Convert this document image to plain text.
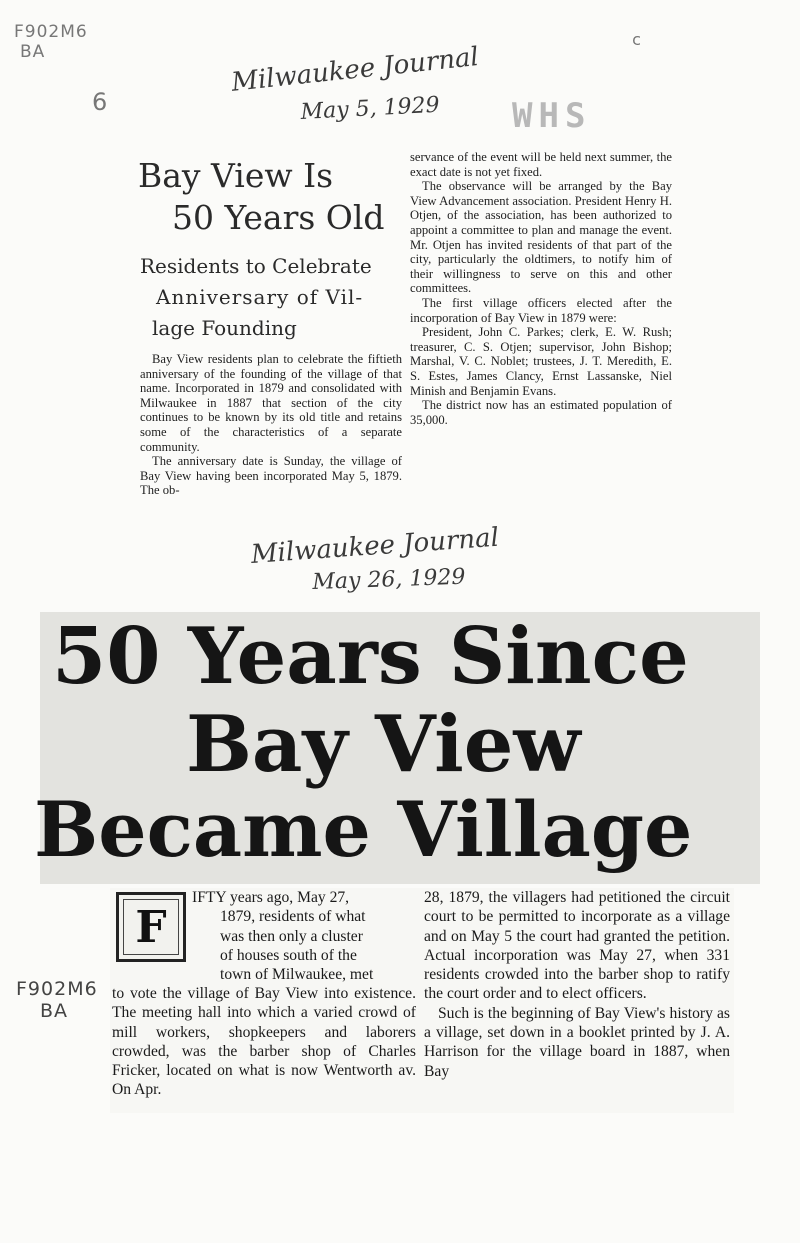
F902M6
BA
c
6
Milwaukee Journal
May 5, 1929 WHS
Bay View Is
50 Years Old
Residents to Celebrate
Anniversary of Vil-
lage Founding

Bay View residents plan to celebrate the fiftieth anniversary of the founding of the village of that name. Incorporated in 1879 and consolidated with Milwaukee in 1887 that section of the city continues to be known by its old title and retains some of the characteristics of a separate community.

The anniversary date is Sunday, the village of Bay View having been incorporated May 5, 1879. The ob-

servance of the event will be held next summer, the exact date is not yet fixed.

The observance will be arranged by the Bay View Advancement association. President Henry H. Otjen, of the association, has been authorized to appoint a committee to plan and manage the event. Mr. Otjen has invited residents of that part of the city, particularly the oldtimers, to notify him of their willingness to serve on this and other committees.

The first village officers elected after the incorporation of Bay View in 1879 were:

President, John C. Parkes; clerk, E. W. Rush; treasurer, C. S. Otjen; supervisor, John Bishop; Marshal, V. C. Noblet; trustees, J. T. Meredith, E. S. Estes, James Clancy, Ernst Lassanske, Niel Minish and Benjamin Evans.

The district now has an estimated population of 35,000.

Milwaukee Journal
May 26, 1929
50 Years Since
Bay View
Became Village
F902M6
BA
F
IFTY years ago, May 27,
1879, residents of what
was then only a cluster
of houses south of the
town of Milwaukee, met
to vote the village of Bay View into existence. The meeting hall into which a varied crowd of mill workers, shopkeepers and laborers crowded, was the barber shop of Charles Fricker, located on what is now Wentworth av. On Apr.
28, 1879, the villagers had petitioned the circuit court to be permitted to incorporate as a village and on May 5 the court had granted the petition. Actual incorporation was May 27, when 331 residents crowded into the barber shop to ratify the court order and to elect officers.
Such is the beginning of Bay View's history as a village, set down in a booklet printed by J. A. Harrison for the village board in 1887, when Bay
